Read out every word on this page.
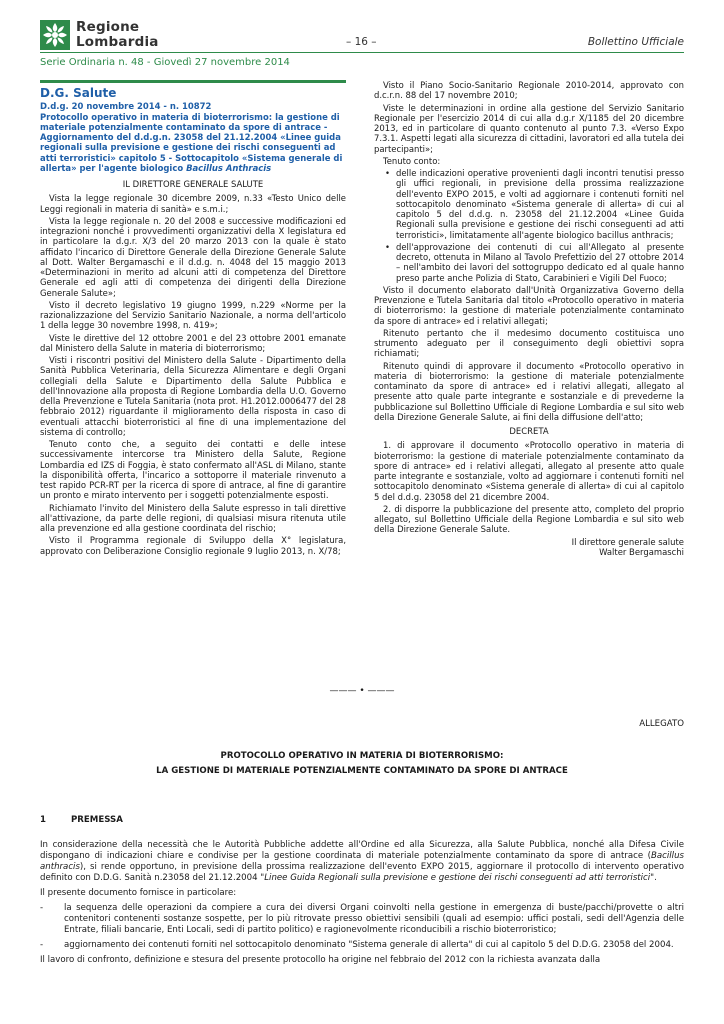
Regione
Lombardia	– 16 –	Bollettino Ufficiale
Serie Ordinaria n. 48 - Giovedì 27 novembre 2014
D.G. Salute

D.d.g. 20 novembre 2014 - n. 10872

Protocollo operativo in materia di bioterrorismo: la gestione di materiale potenzialmente contaminato da spore di antrace - Aggiornamento del d.d.g.n. 23058 del 21.12.2004 «Linee guida regionali sulla previsione e gestione dei rischi conseguenti ad atti terroristici» capitolo 5 - Sottocapitolo «Sistema generale di allerta» per l'agente biologico Bacillus Anthracis

IL DIRETTORE GENERALE SALUTE

Vista la legge regionale 30 dicembre 2009, n.33 «Testo Unico delle Leggi regionali in materia di sanità» e s.m.i.;

Vista la legge regionale n. 20 del 2008 e successive modificazioni ed integrazioni nonché i provvedimenti organizzativi della X legislatura ed in particolare la d.g.r. X/3 del 20 marzo 2013 con la quale è stato affidato l'incarico di Direttore Generale della Direzione Generale Salute al Dott. Walter Bergamaschi e il d.d.g. n. 4048 del 15 maggio 2013 «Determinazioni in merito ad alcuni atti di competenza del Direttore Generale ed agli atti di competenza dei dirigenti della Direzione Generale Salute»;

Visto il decreto legislativo 19 giugno 1999, n.229 «Norme per la razionalizzazione del Servizio Sanitario Nazionale, a norma dell'articolo 1 della legge 30 novembre 1998, n. 419»;

Viste le direttive del 12 ottobre 2001 e del 23 ottobre 2001 emanate dal Ministero della Salute in materia di bioterrorismo;

Visti i riscontri positivi del Ministero della Salute - Dipartimento della Sanità Pubblica Veterinaria, della Sicurezza Alimentare e degli Organi collegiali della Salute e Dipartimento della Salute Pubblica e dell'Innovazione alla proposta di Regione Lombardia della U.O. Governo della Prevenzione e Tutela Sanitaria (nota prot. H1.2012.0006477 del 28 febbraio 2012) riguardante il miglioramento della risposta in caso di eventuali attacchi bioterroristici al fine di una implementazione del sistema di controllo;

Tenuto conto che, a seguito dei contatti e delle intese successivamente intercorse tra Ministero della Salute, Regione Lombardia ed IZS di Foggia, è stato confermato all'ASL di Milano, stante la disponibilità offerta, l'incarico a sottoporre il materiale rinvenuto a test rapido PCR-RT per la ricerca di spore di antrace, al fine di garantire un pronto e mirato intervento per i soggetti potenzialmente esposti.

Richiamato l'invito del Ministero della Salute espresso in tali direttive all'attivazione, da parte delle regioni, di qualsiasi misura ritenuta utile alla prevenzione ed alla gestione coordinata del rischio;

Visto il Programma regionale di Sviluppo della X° legislatura, approvato con Deliberazione Consiglio regionale 9 luglio 2013, n. X/78;

Visto il Piano Socio-Sanitario Regionale 2010-2014, approvato con d.c.r.n. 88 del 17 novembre 2010;

Viste le determinazioni in ordine alla gestione del Servizio Sanitario Regionale per l'esercizio 2014 di cui alla d.g.r X/1185 del 20 dicembre 2013, ed in particolare di quanto contenuto al punto 7.3. «Verso Expo 7.3.1. Aspetti legati alla sicurezza di cittadini, lavoratori ed alla tutela dei partecipanti»;

Tenuto conto:

• delle indicazioni operative provenienti dagli incontri tenutisi presso gli uffici regionali, in previsione della prossima realizzazione dell'evento EXPO 2015, e volti ad aggiornare i contenuti forniti nel sottocapitolo denominato «Sistema generale di allerta» di cui al capitolo 5 del d.d.g. n. 23058 del 21.12.2004 «Linee Guida Regionali sulla previsione e gestione dei rischi conseguenti ad atti terroristici», limitatamente all'agente biologico bacillus anthracis;
• dell'approvazione dei contenuti di cui all'Allegato al presente decreto, ottenuta in Milano al Tavolo Prefettizio del 27 ottobre 2014 – nell'ambito dei lavori del sottogruppo dedicato ed al quale hanno preso parte anche Polizia di Stato, Carabinieri e Vigili Del Fuoco;

Visto il documento elaborato dall'Unità Organizzativa Governo della Prevenzione e Tutela Sanitaria dal titolo «Protocollo operativo in materia di bioterrorismo: la gestione di materiale potenzialmente contaminato da spore di antrace» ed i relativi allegati;

Ritenuto pertanto che il medesimo documento costituisca uno strumento adeguato per il conseguimento degli obiettivi sopra richiamati;

Ritenuto quindi di approvare il documento «Protocollo operativo in materia di bioterrorismo: la gestione di materiale potenzialmente contaminato da spore di antrace» ed i relativi allegati, allegato al presente atto quale parte integrante e sostanziale e di prevederne la pubblicazione sul Bollettino Ufficiale di Regione Lombardia e sul sito web della Direzione Generale Salute, ai fini della diffusione dell'atto;

DECRETA

1. di approvare il documento «Protocollo operativo in materia di bioterrorismo: la gestione di materiale potenzialmente contaminato da spore di antrace» ed i relativi allegati, allegato al presente atto quale parte integrante e sostanziale, volto ad aggiornare i contenuti forniti nel sottocapitolo denominato «Sistema generale di allerta» di cui al capitolo 5 del d.d.g. 23058 del 21 dicembre 2004.

2. di disporre la pubblicazione del presente atto, completo del proprio allegato, sul Bollettino Ufficiale della Regione Lombardia e sul sito web della Direzione Generale Salute.

Il direttore generale salute
Walter Bergamaschi
——— • ———
ALLEGATO
PROTOCOLLO OPERATIVO IN MATERIA DI BIOTERRORISMO:
LA GESTIONE DI MATERIALE POTENZIALMENTE CONTAMINATO DA SPORE DI ANTRACE
1	PREMESSA

In considerazione della necessità che le Autorità Pubbliche addette all'Ordine ed alla Sicurezza, alla Salute Pubblica, nonché alla Difesa Civile dispongano di indicazioni chiare e condivise per la gestione coordinata di materiale potenzialmente contaminato da spore di antrace (Bacillus anthracis), si rende opportuno, in previsione della prossima realizzazione dell'evento EXPO 2015, aggiornare il protocollo di intervento operativo definito con D.D.G. Sanità n.23058 del 21.12.2004 "Linee Guida Regionali sulla previsione e gestione dei rischi conseguenti ad atti terroristici".

Il presente documento fornisce in particolare:

- la sequenza delle operazioni da compiere a cura dei diversi Organi coinvolti nella gestione in emergenza di buste/pacchi/provette o altri contenitori contenenti sostanze sospette, per lo più ritrovate presso obiettivi sensibili (quali ad esempio: uffici postali, sedi dell'Agenzia delle Entrate, filiali bancarie, Enti Locali, sedi di partito politico) e ragionevolmente riconducibili a rischio bioterroristico;
- aggiornamento dei contenuti forniti nel sottocapitolo denominato "Sistema generale di allerta" di cui al capitolo 5 del D.D.G. 23058 del 2004.

Il lavoro di confronto, definizione e stesura del presente protocollo ha origine nel febbraio del 2012 con la richiesta avanzata dalla
